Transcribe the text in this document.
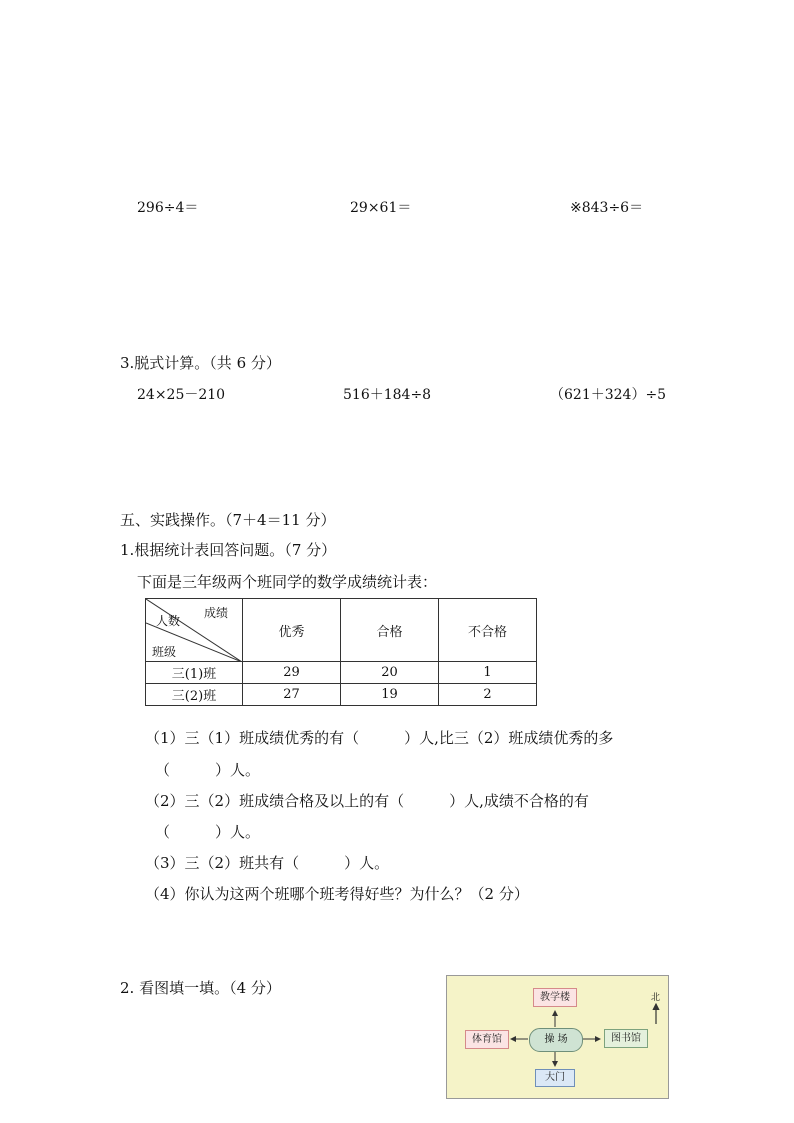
296÷4＝	29×61＝	※843÷6＝
3.脱式计算。（共 6 分）
24×25－210	516＋184÷8	（621＋324）÷5
五、实践操作。（7＋4＝11 分）
1.根据统计表回答问题。（7 分）
下面是三年级两个班同学的数学成绩统计表：
成绩
人数
班级	优秀	合格	不合格
三(1)班	29	20	1
三(2)班	27	19	2
（1）三（1）班成绩优秀的有（　　　）人,比三（2）班成绩优秀的多
（　　　）人。
（2）三（2）班成绩合格及以上的有（　　　）人,成绩不合格的有
（　　　）人。
（3）三（2）班共有（　　　）人。
（4）你认为这两个班哪个班考得好些？为什么？（2 分）
2. 看图填一填。（4 分）
教学楼
体育馆	操 场	图书馆
大门
北
